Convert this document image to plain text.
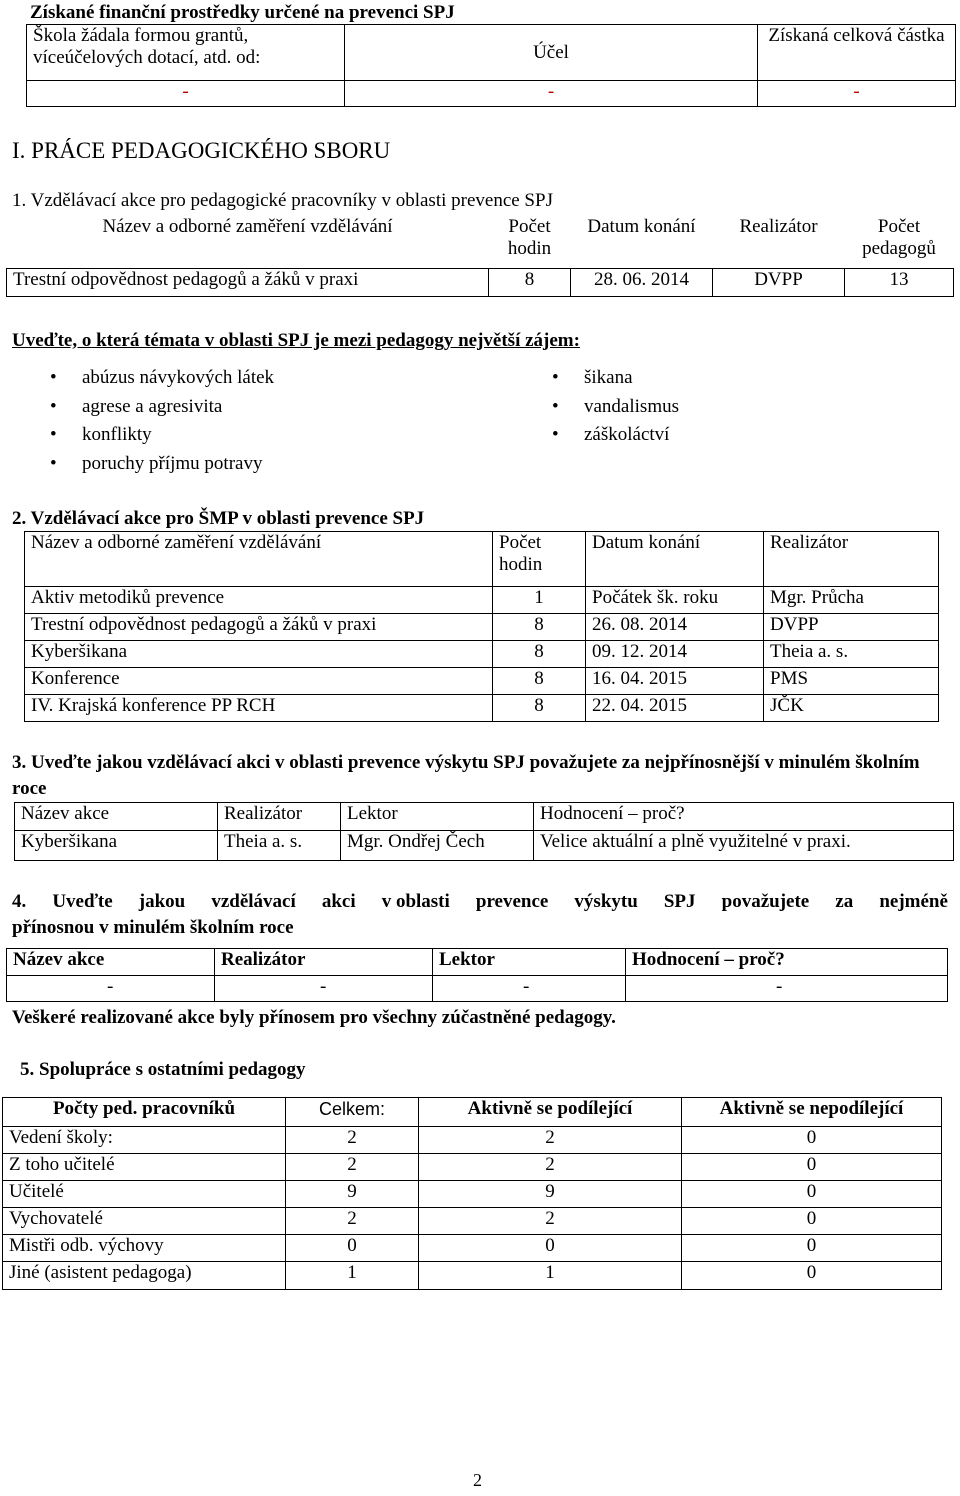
Získané finanční prostředky určené na prevenci SPJ
Škola žádala formou grantů, víceúčelových dotací, atd. od:	Účel	Získaná celková částka
-	-	-
I. PRÁCE PEDAGOGICKÉHO SBORU
1. Vzdělávací akce pro pedagogické pracovníky v oblasti prevence SPJ
Název a odborné zaměření vzdělávání	Počet hodin	Datum konání	Realizátor	Počet pedagogů
Trestní odpovědnost pedagogů a žáků v praxi	8	28. 06. 2014	DVPP	13
Uveďte, o která témata v oblasti SPJ je mezi pedagogy největší zájem:
• abúzus návykových látek
• agrese a agresivita
• konflikty
• poruchy příjmu potravy
• šikana
• vandalismus
• záškoláctví
2. Vzdělávací akce pro ŠMP v oblasti prevence SPJ
Název a odborné zaměření vzdělávání	Počet hodin	Datum konání	Realizátor
Aktiv metodiků prevence	1	Počátek šk. roku	Mgr. Průcha
Trestní odpovědnost pedagogů a žáků v praxi	8	26. 08. 2014	DVPP
Kyberšikana	8	09. 12. 2014	Theia a. s.
Konference	8	16. 04. 2015	PMS
IV. Krajská konference PP RCH	8	22. 04. 2015	JČK
3. Uveďte jakou vzdělávací akci v oblasti prevence výskytu SPJ považujete za nejpřínosnější v minulém školním roce
Název akce	Realizátor	Lektor	Hodnocení – proč?
Kyberšikana	Theia a. s.	Mgr. Ondřej Čech	Velice aktuální a plně využitelné v praxi.
4. Uveďte jakou vzdělávací akci v oblasti prevence výskytu SPJ považujete za nejméně
přínosnou v minulém školním roce
Název akce	Realizátor	Lektor	Hodnocení – proč?
-	-	-	-
Veškeré realizované akce byly přínosem pro všechny zúčastněné pedagogy.
5. Spolupráce s ostatními pedagogy
Počty ped. pracovníků	Celkem:	Aktivně se podílející	Aktivně se nepodílející
Vedení školy:	2	2	0
Z toho učitelé	2	2	0
Učitelé	9	9	0
Vychovatelé	2	2	0
Mistři odb. výchovy	0	0	0
Jiné (asistent pedagoga)	1	1	0
2
